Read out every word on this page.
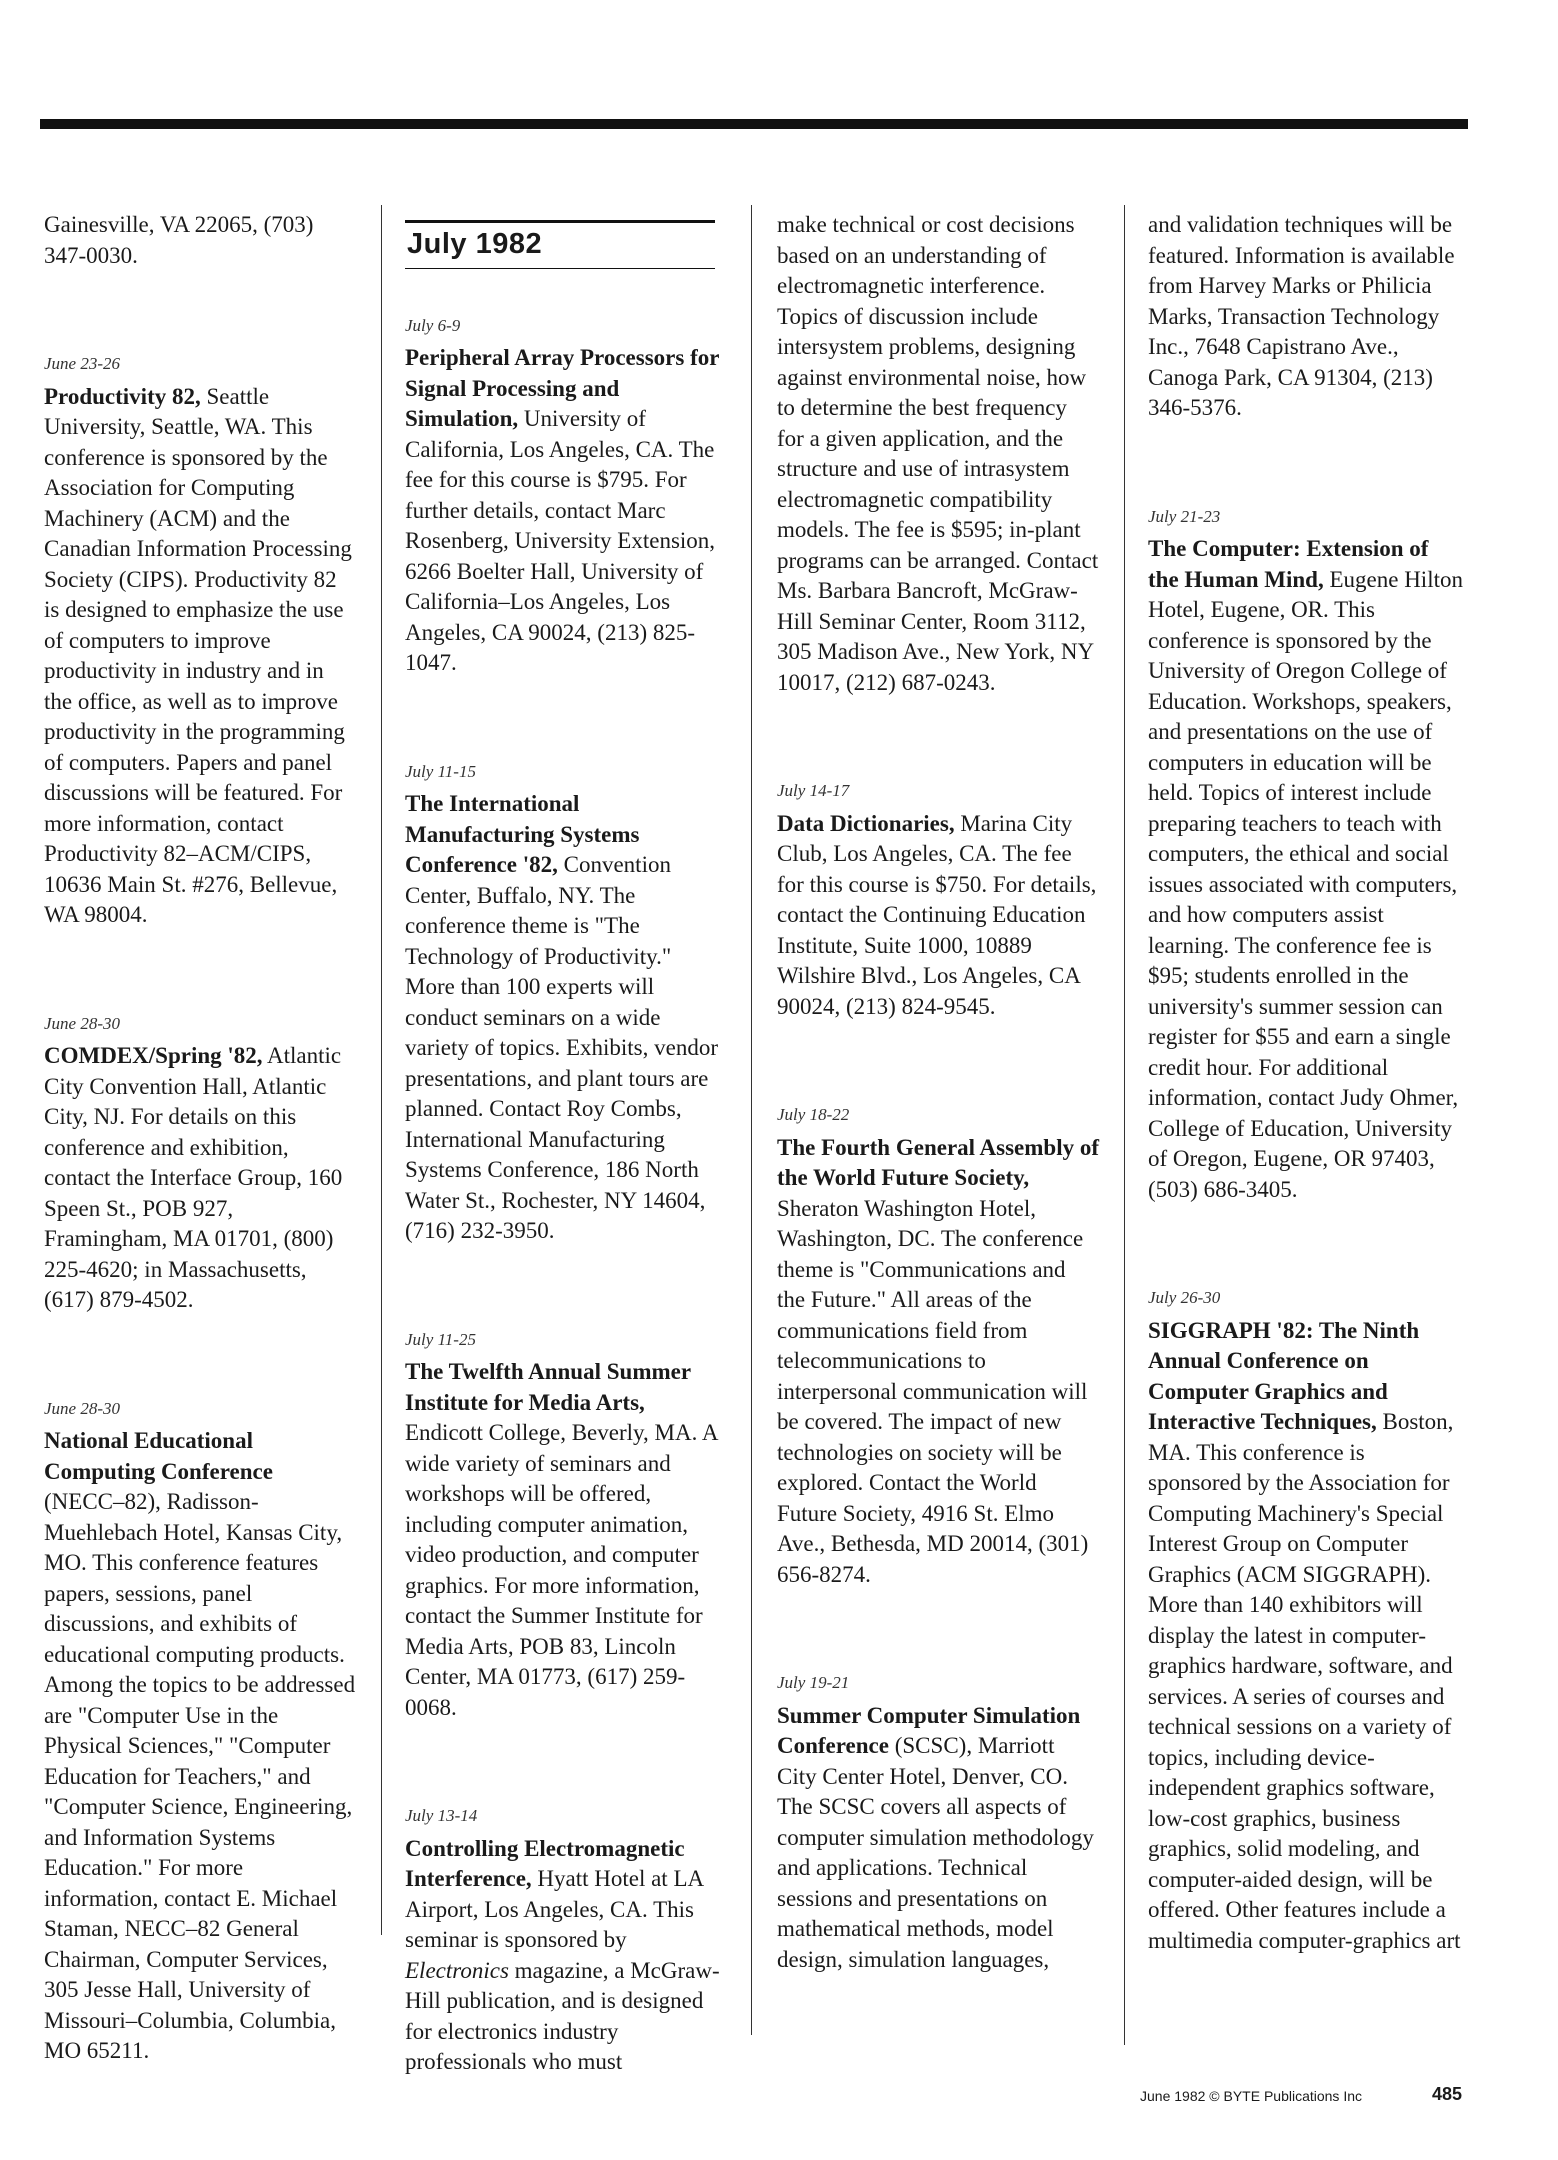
Gainesville, VA 22065, (703) 347-0030.
June 23-26
Productivity 82, Seattle University, Seattle, WA. This conference is sponsored by the Association for Computing Machinery (ACM) and the Canadian Information Processing Society (CIPS). Productivity 82 is designed to emphasize the use of computers to improve productivity in industry and in the office, as well as to improve productivity in the programming of computers. Papers and panel discussions will be featured. For more information, contact Productivity 82–ACM/CIPS, 10636 Main St. #276, Bellevue, WA 98004.
June 28-30
COMDEX/Spring '82, Atlantic City Convention Hall, Atlantic City, NJ. For details on this conference and exhibition, contact the Interface Group, 160 Speen St., POB 927, Framingham, MA 01701, (800) 225-4620; in Massachusetts, (617) 879-4502.
June 28-30
National Educational Computing Conference (NECC–82), Radisson-Muehlebach Hotel, Kansas City, MO. This conference features papers, sessions, panel discussions, and exhibits of educational computing products. Among the topics to be addressed are "Computer Use in the Physical Sciences," "Computer Education for Teachers," and "Computer Science, Engineering, and Information Systems Education." For more information, contact E. Michael Staman, NECC–82 General Chairman, Computer Services, 305 Jesse Hall, University of Missouri–Columbia, Columbia, MO 65211.
July 1982
July 6-9
Peripheral Array Processors for Signal Processing and Simulation, University of California, Los Angeles, CA. The fee for this course is $795. For further details, contact Marc Rosenberg, University Extension, 6266 Boelter Hall, University of California–Los Angeles, Los Angeles, CA 90024, (213) 825-1047.
July 11-15
The International Manufacturing Systems Conference '82, Convention Center, Buffalo, NY. The conference theme is "The Technology of Productivity." More than 100 experts will conduct seminars on a wide variety of topics. Exhibits, vendor presentations, and plant tours are planned. Contact Roy Combs, International Manufacturing Systems Conference, 186 North Water St., Rochester, NY 14604, (716) 232-3950.
July 11-25
The Twelfth Annual Summer Institute for Media Arts, Endicott College, Beverly, MA. A wide variety of seminars and workshops will be offered, including computer animation, video production, and computer graphics. For more information, contact the Summer Institute for Media Arts, POB 83, Lincoln Center, MA 01773, (617) 259-0068.
July 13-14
Controlling Electromagnetic Interference, Hyatt Hotel at LA Airport, Los Angeles, CA. This seminar is sponsored by Electronics magazine, a McGraw-Hill publication, and is designed for electronics industry professionals who must
make technical or cost decisions based on an understanding of electromagnetic interference. Topics of discussion include intersystem problems, designing against environmental noise, how to determine the best frequency for a given application, and the structure and use of intrasystem electromagnetic compatibility models. The fee is $595; in-plant programs can be arranged. Contact Ms. Barbara Bancroft, McGraw-Hill Seminar Center, Room 3112, 305 Madison Ave., New York, NY 10017, (212) 687-0243.
July 14-17
Data Dictionaries, Marina City Club, Los Angeles, CA. The fee for this course is $750. For details, contact the Continuing Education Institute, Suite 1000, 10889 Wilshire Blvd., Los Angeles, CA 90024, (213) 824-9545.
July 18-22
The Fourth General Assembly of the World Future Society, Sheraton Washington Hotel, Washington, DC. The conference theme is "Communications and the Future." All areas of the communications field from telecommunications to interpersonal communication will be covered. The impact of new technologies on society will be explored. Contact the World Future Society, 4916 St. Elmo Ave., Bethesda, MD 20014, (301) 656-8274.
July 19-21
Summer Computer Simulation Conference (SCSC), Marriott City Center Hotel, Denver, CO. The SCSC covers all aspects of computer simulation methodology and applications. Technical sessions and presentations on mathematical methods, model design, simulation languages,
and validation techniques will be featured. Information is available from Harvey Marks or Philicia Marks, Transaction Technology Inc., 7648 Capistrano Ave., Canoga Park, CA 91304, (213) 346-5376.
July 21-23
The Computer: Extension of the Human Mind, Eugene Hilton Hotel, Eugene, OR. This conference is sponsored by the University of Oregon College of Education. Workshops, speakers, and presentations on the use of computers in education will be held. Topics of interest include preparing teachers to teach with computers, the ethical and social issues associated with computers, and how computers assist learning. The conference fee is $95; students enrolled in the university's summer session can register for $55 and earn a single credit hour. For additional information, contact Judy Ohmer, College of Education, University of Oregon, Eugene, OR 97403, (503) 686-3405.
July 26-30
SIGGRAPH '82: The Ninth Annual Conference on Computer Graphics and Interactive Techniques, Boston, MA. This conference is sponsored by the Association for Computing Machinery's Special Interest Group on Computer Graphics (ACM SIGGRAPH). More than 140 exhibitors will display the latest in computer-graphics hardware, software, and services. A series of courses and technical sessions on a variety of topics, including device-independent graphics software, low-cost graphics, business graphics, solid modeling, and computer-aided design, will be offered. Other features include a multimedia computer-graphics art
June 1982 © BYTE Publications Inc	485
